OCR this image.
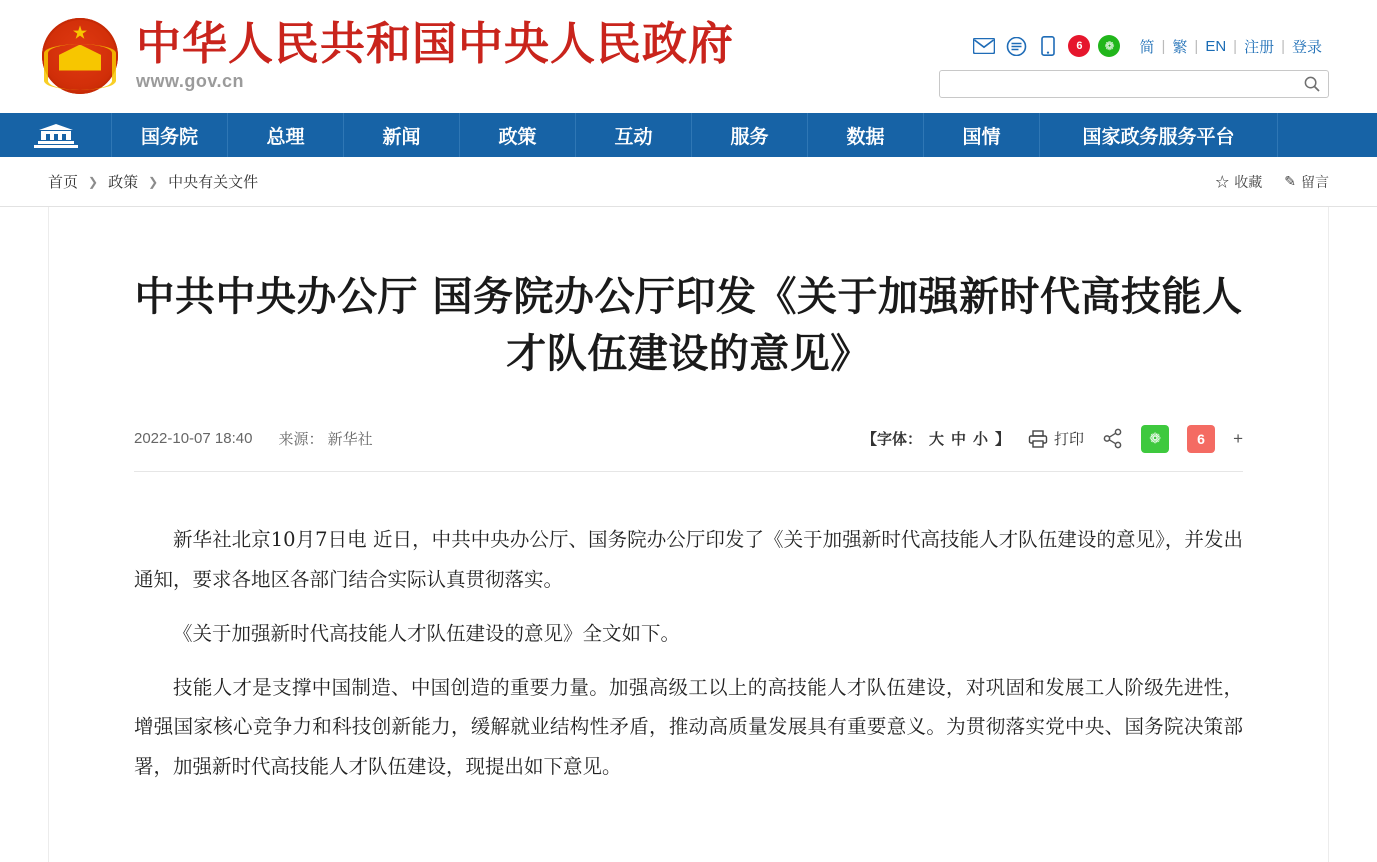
★ 中华人民共和国中央人民政府
www.gov.cn
6	❁	简 | 繁 | EN | 注册 | 登录
国务院	总理	新闻	政策	互动	服务	数据	国情	国家政务服务平台
首页 ❯ 政策 ❯ 中央有关文件	☆ 收藏 ✎ 留言
中共中央办公厅 国务院办公厅印发《关于加强新时代高技能人才队伍建设的意见》
2022-10-07 18:40 来源： 新华社	【字体： 大 中 小 】	打印	❁	6	+

新华社北京10月7日电 近日，中共中央办公厅、国务院办公厅印发了《关于加强新时代高技能人才队伍建设的意见》，并发出通知，要求各地区各部门结合实际认真贯彻落实。

《关于加强新时代高技能人才队伍建设的意见》全文如下。

技能人才是支撑中国制造、中国创造的重要力量。加强高级工以上的高技能人才队伍建设，对巩固和发展工人阶级先进性，增强国家核心竞争力和科技创新能力，缓解就业结构性矛盾，推动高质量发展具有重要意义。为贯彻落实党中央、国务院决策部署，加强新时代高技能人才队伍建设，现提出如下意见。
